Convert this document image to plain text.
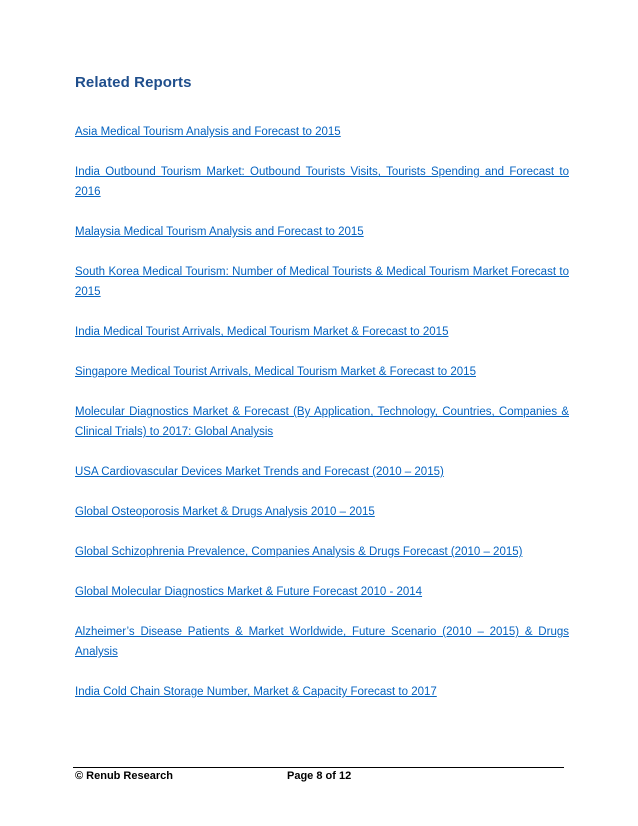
Related Reports
Asia Medical Tourism Analysis and Forecast to 2015
India Outbound Tourism Market: Outbound Tourists Visits, Tourists Spending and Forecast to 2016
Malaysia Medical Tourism Analysis and Forecast to 2015
South Korea Medical Tourism: Number of Medical Tourists & Medical Tourism Market Forecast to 2015
India Medical Tourist Arrivals, Medical Tourism Market & Forecast to 2015
Singapore Medical Tourist Arrivals, Medical Tourism Market & Forecast to 2015
Molecular Diagnostics Market & Forecast (By Application, Technology, Countries, Companies & Clinical Trials) to 2017: Global Analysis
USA Cardiovascular Devices Market Trends and Forecast (2010 – 2015)
Global Osteoporosis Market & Drugs Analysis 2010 – 2015
Global Schizophrenia Prevalence, Companies Analysis & Drugs Forecast (2010 – 2015)
Global Molecular Diagnostics Market & Future Forecast 2010 - 2014
Alzheimer’s Disease Patients & Market Worldwide, Future Scenario (2010 – 2015) & Drugs Analysis
India Cold Chain Storage Number, Market & Capacity Forecast to 2017
© Renub Research	Page 8 of 12
